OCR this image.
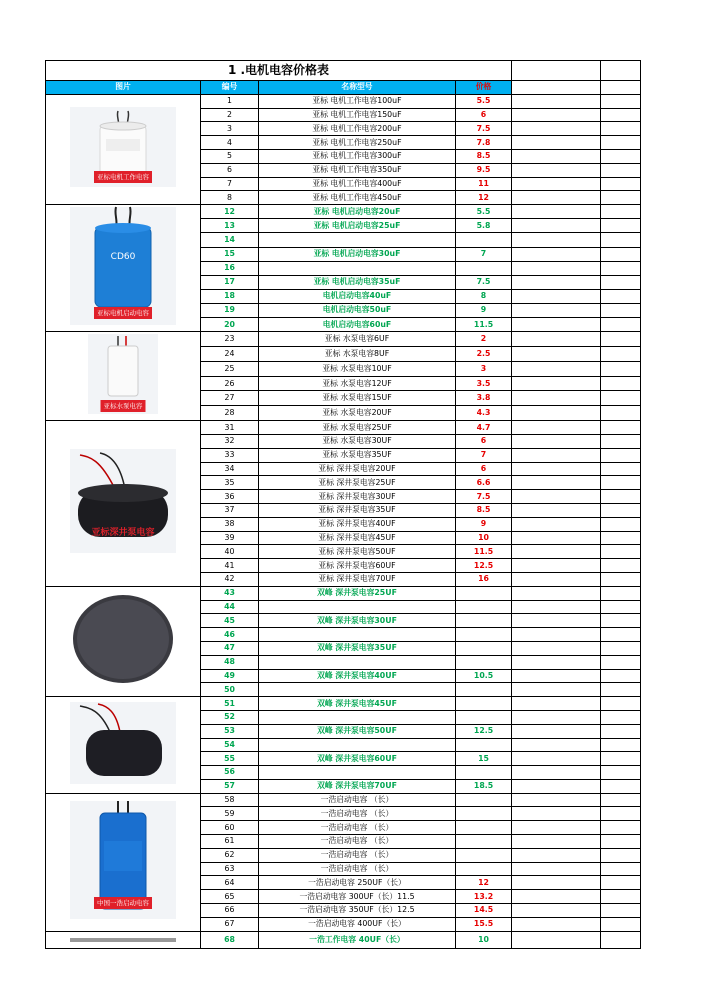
1 .电机电容价格表					
图片	编号	名称型号	价格		

亚标电机工作电容	1	亚标 电机工作电容100uF	5.5		
	2	亚标 电机工作电容150uF	6		
	3	亚标 电机工作电容200uF	7.5		
	4	亚标 电机工作电容250uF	7.8		
	5	亚标 电机工作电容300uF	8.5		
	6	亚标 电机工作电容350uF	9.5		
	7	亚标 电机工作电容400uF	11		
	8	亚标 电机工作电容450uF	12		

CD60
亚标电机启动电容	12	亚标 电机启动电容20uF	5.5		
	13	亚标 电机启动电容25uF	5.8		
	14				
	15	亚标 电机启动电容30uF	7		
	16				
	17	亚标 电机启动电容35uF	7.5		
	18	电机启动电容40uF	8		
	19	电机启动电容50uF	9		
	20	电机启动电容60uF	11.5		

亚标水泵电容	23	亚标 水泵电容6UF	2		
	24	亚标 水泵电容8UF	2.5		
	25	亚标 水泵电容10UF	3		
	26	亚标 水泵电容12UF	3.5		
	27	亚标 水泵电容15UF	3.8		
	28	亚标 水泵电容20UF	4.3		

亚标深井泵电容	31	亚标 水泵电容25UF	4.7		
	32	亚标 水泵电容30UF	6		
	33	亚标 水泵电容35UF	7		
	34	亚标 深井泵电容20UF	6		
	35	亚标 深井泵电容25UF	6.6		
	36	亚标 深井泵电容30UF	7.5		
	37	亚标 深井泵电容35UF	8.5		
	38	亚标 深井泵电容40UF	9		
	39	亚标 深井泵电容45UF	10		
	40	亚标 深井泵电容50UF	11.5		
	41	亚标 深井泵电容60UF	12.5		
	42	亚标 深井泵电容70UF	16		

	43	双峰 深井泵电容25UF			
	44				
	45	双峰 深井泵电容30UF			
	46				
	47	双峰 深井泵电容35UF			
	48				
	49	双峰 深井泵电容40UF	10.5		
	50				

	51	双峰 深井泵电容45UF			
	52				
	53	双峰 深井泵电容50UF	12.5		
	54				
	55	双峰 深井泵电容60UF	15		
	56				
	57	双峰 深井泵电容70UF	18.5		

中国一浩启动电容	58	一浩启动电容 （长）			
	59	一浩启动电容 （长）			
	60	一浩启动电容 （长）			
	61	一浩启动电容 （长）			
	62	一浩启动电容 （长）			
	63	一浩启动电容 （长）			
	64	一浩启动电容 250UF（长）	12		
	65	一浩启动电容 300UF（长）11.5	13.2		
	66	一浩启动电容 350UF（长）12.5	14.5		
	67	一浩启动电容 400UF（长）	15.5		

	68	一浩工作电容 40UF（长）	10		
